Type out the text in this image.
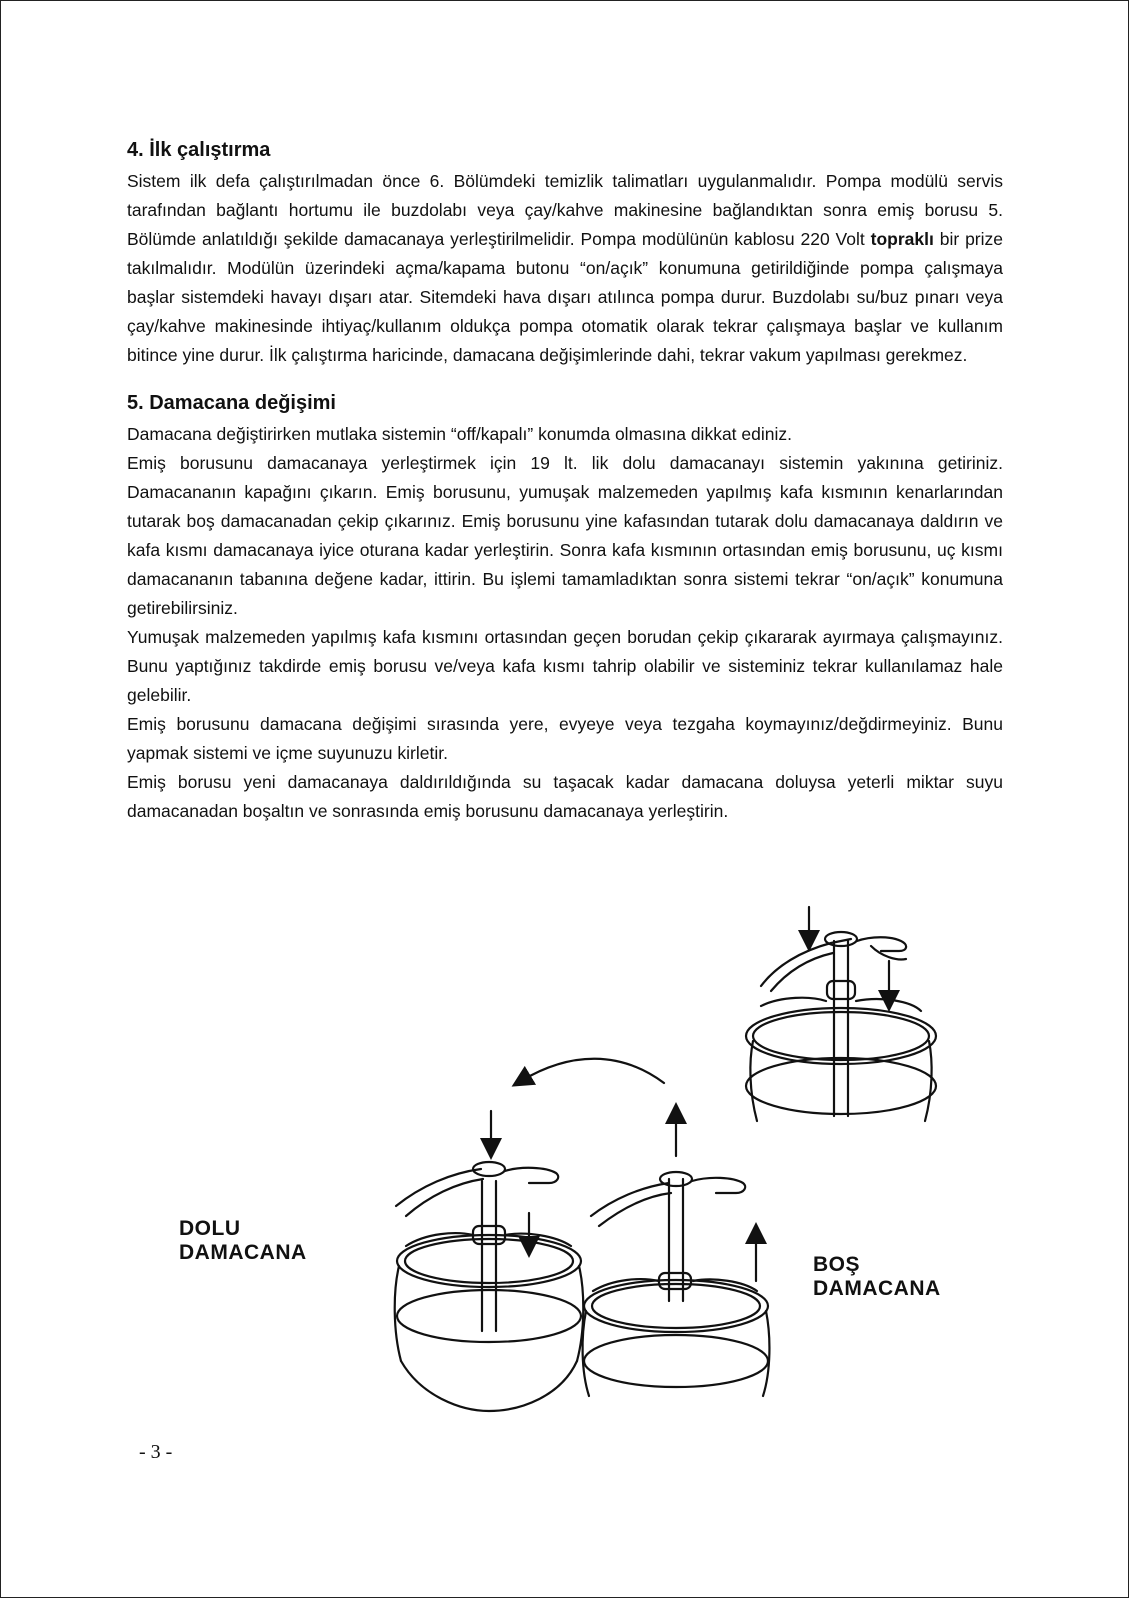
4. İlk çalıştırma

Sistem ilk defa çalıştırılmadan önce 6. Bölümdeki temizlik talimatları uygulanmalıdır. Pompa modülü servis tarafından bağlantı hortumu ile buzdolabı veya çay/kahve makinesine bağlandıktan sonra emiş borusu 5. Bölümde anlatıldığı şekilde damacanaya yerleştirilmelidir. Pompa modülünün kablosu 220 Volt topraklı bir prize takılmalıdır. Modülün üzerindeki açma/kapama butonu “on/açık” konumuna getirildiğinde pompa çalışmaya başlar sistemdeki havayı dışarı atar. Sitemdeki hava dışarı atılınca pompa durur. Buzdolabı su/buz pınarı veya çay/kahve makinesinde ihtiyaç/kullanım oldukça pompa otomatik olarak tekrar çalışmaya başlar ve kullanım bitince yine durur. İlk çalıştırma haricinde, damacana değişimlerinde dahi, tekrar vakum yapılması gerekmez.

5. Damacana değişimi

Damacana değiştirirken mutlaka sistemin “off/kapalı” konumda olmasına dikkat ediniz.

Emiş borusunu damacanaya yerleştirmek için 19 lt. lik dolu damacanayı sistemin yakınına getiriniz. Damacananın kapağını çıkarın. Emiş borusunu, yumuşak malzemeden yapılmış kafa kısmının kenarlarından tutarak boş damacanadan çekip çıkarınız. Emiş borusunu yine kafasından tutarak dolu damacanaya daldırın ve kafa kısmı damacanaya iyice oturana kadar yerleştirin. Sonra kafa kısmının ortasından emiş borusunu, uç kısmı damacananın tabanına değene kadar, ittirin. Bu işlemi tamamladıktan sonra sistemi tekrar “on/açık” konumuna getirebilirsiniz.

Yumuşak malzemeden yapılmış kafa kısmını ortasından geçen borudan çekip çıkararak ayırmaya çalışmayınız. Bunu yaptığınız takdirde emiş borusu ve/veya kafa kısmı tahrip olabilir ve sisteminiz tekrar kullanılamaz hale gelebilir.

Emiş borusunu damacana değişimi sırasında yere, evyeye veya tezgaha koymayınız/değdirmeyiniz. Bunu yapmak sistemi ve içme suyunuzu kirletir.

Emiş borusu yeni damacanaya daldırıldığında su taşacak kadar damacana doluysa yeterli miktar suyu damacanadan boşaltın ve sonrasında emiş borusunu damacanaya yerleştirin.

DOLU
DAMACANA
BOŞ
DAMACANA
- 3 -
